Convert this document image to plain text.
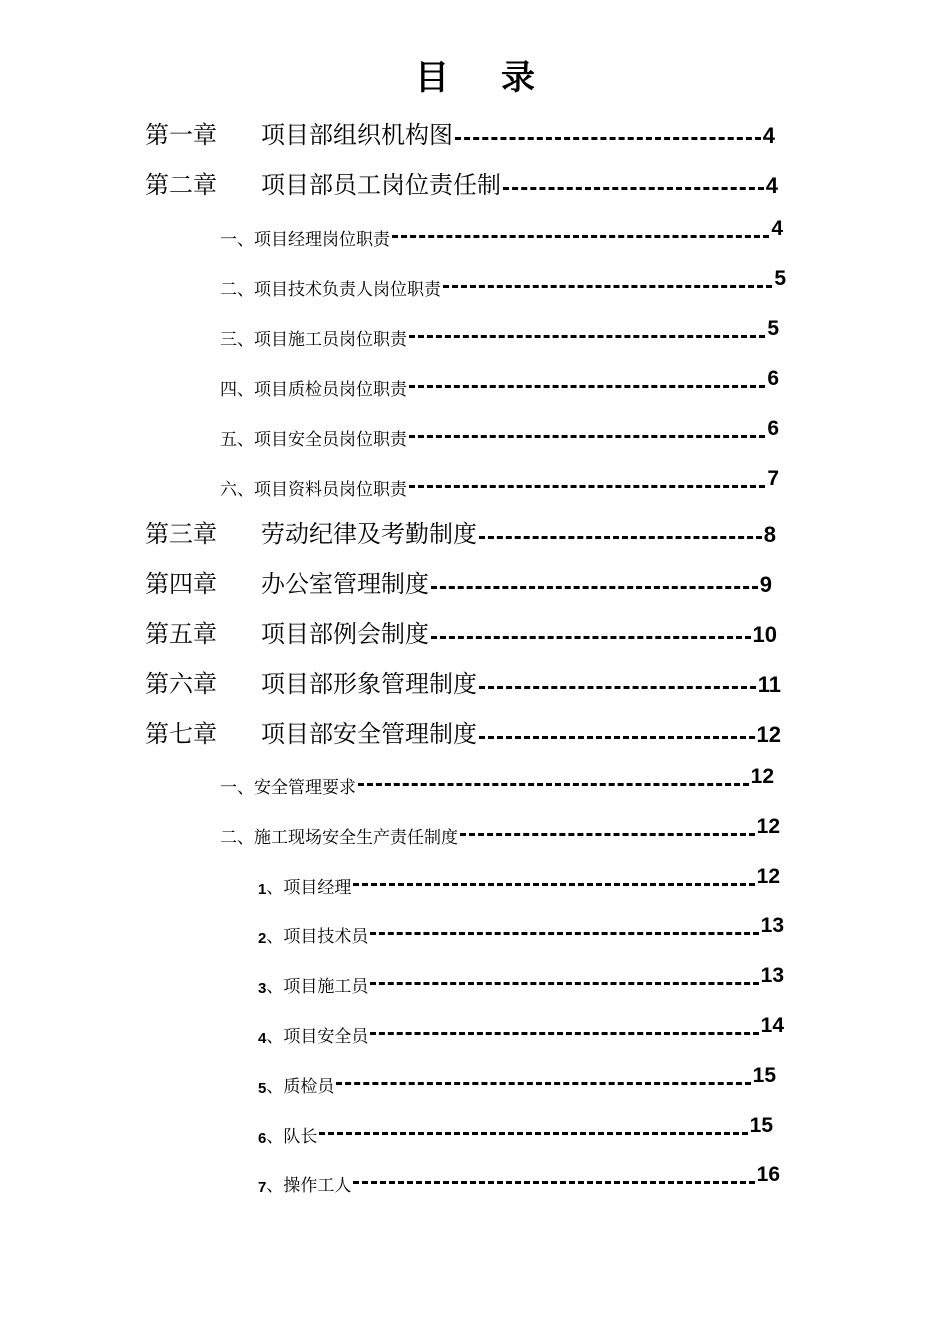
目 录
第一章	项目部组织机构图	4
第二章	项目部员工岗位责任制	4
一、项目经理岗位职责	4
二、项目技术负责人岗位职责	5
三、项目施工员岗位职责	5
四、项目质检员岗位职责	6
五、项目安全员岗位职责	6
六、项目资料员岗位职责	7
第三章	劳动纪律及考勤制度	8
第四章	办公室管理制度	9
第五章	项目部例会制度	10
第六章	项目部形象管理制度	11
第七章	项目部安全管理制度	12
一、安全管理要求	12
二、施工现场安全生产责任制度	12
1 、项目经理	12
2 、项目技术员	13
3 、项目施工员	13
4 、项目安全员	14
5 、质检员	15
6 、队长	15
7 、操作工人	16
